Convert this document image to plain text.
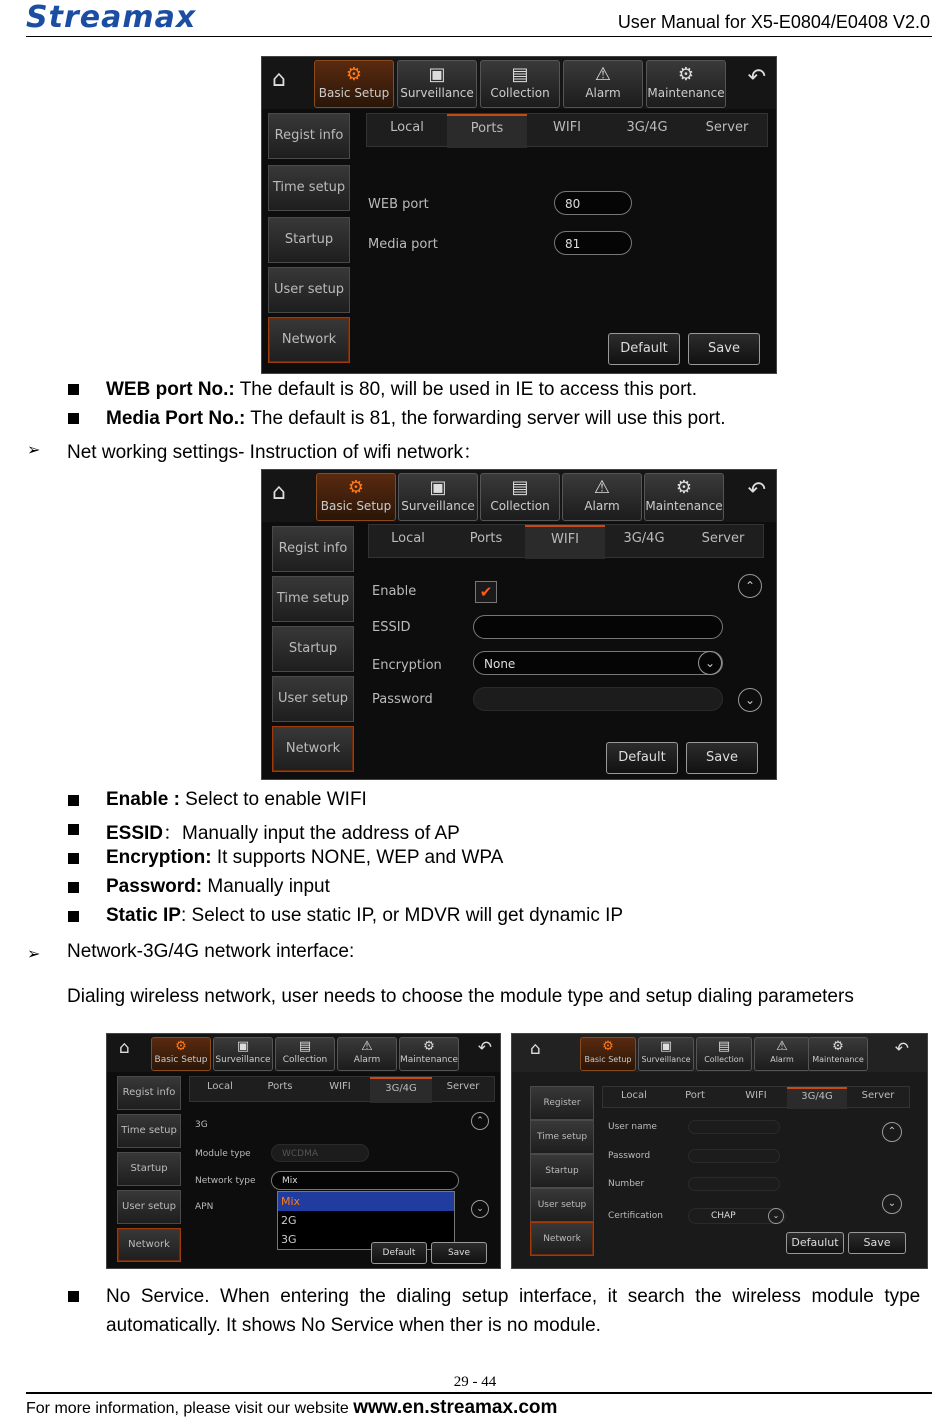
Streamax	User Manual for X5-E0804/E0408 V2.0
⌂	⚙
Basic Setup
▣
Surveillance
▤
Collection
⚠
Alarm
⚙
Maintenance
↶
Regist info
Time setup
Startup
User setup
Network
Local	Ports	WIFI	3G/4G	Server
WEB port	80
Media port	81
Default	Save
WEB port No.: The default is 80, will be used in IE to access this port.
Media Port No.: The default is 81, the forwarding server will use this port.
➢ Net working settings- Instruction of wifi network：
⌂	⚙
Basic Setup
▣
Surveillance
▤
Collection
⚠
Alarm
⚙
Maintenance
↶
Regist info
Time setup
Startup
User setup
Network
Local	Ports	WIFI	3G/4G	Server
Enable	✔
ESSID
Encryption	None	⌄
Password
⌃
⌄
Default	Save
Enable : Select to enable WIFI
ESSID：Manually input the address of AP
Encryption: It supports NONE, WEP and WPA
Password: Manually input
Static IP: Select to use static IP, or MDVR will get dynamic IP
➢ Network-3G/4G network interface:
Dialing wireless network, user needs to choose the module type and setup dialing parameters
⌂	⚙
Basic Setup
▣
Surveillance
▤
Collection
⚠
Alarm
⚙
Maintenance
↶
Regist info
Time setup
Startup
User setup
Network
Local	Ports	WIFI	3G/4G	Server
3G
Module type	WCDMA
Network type	Mix
APN	Mix
2G
3G
⌃
⌄
Default	Save
⌂	⚙
Basic Setup
▣
Surveillance
▤
Collection
⚠
Alarm
⚙
Maintenance
↶
Register
Time setup
Startup
User setup
Network
Local	Port	WIFI	3G/4G	Server
User name
Password
Number
Certification	CHAP	⌄
⌃
⌄
Defaulut	Save
No  Service.  When  entering  the  dialing  setup  interface,  it  search  the  wireless  module  type
automatically. It shows No Service when ther is no module.
29 - 44
For more information, please visit our website www.en.streamax.com
